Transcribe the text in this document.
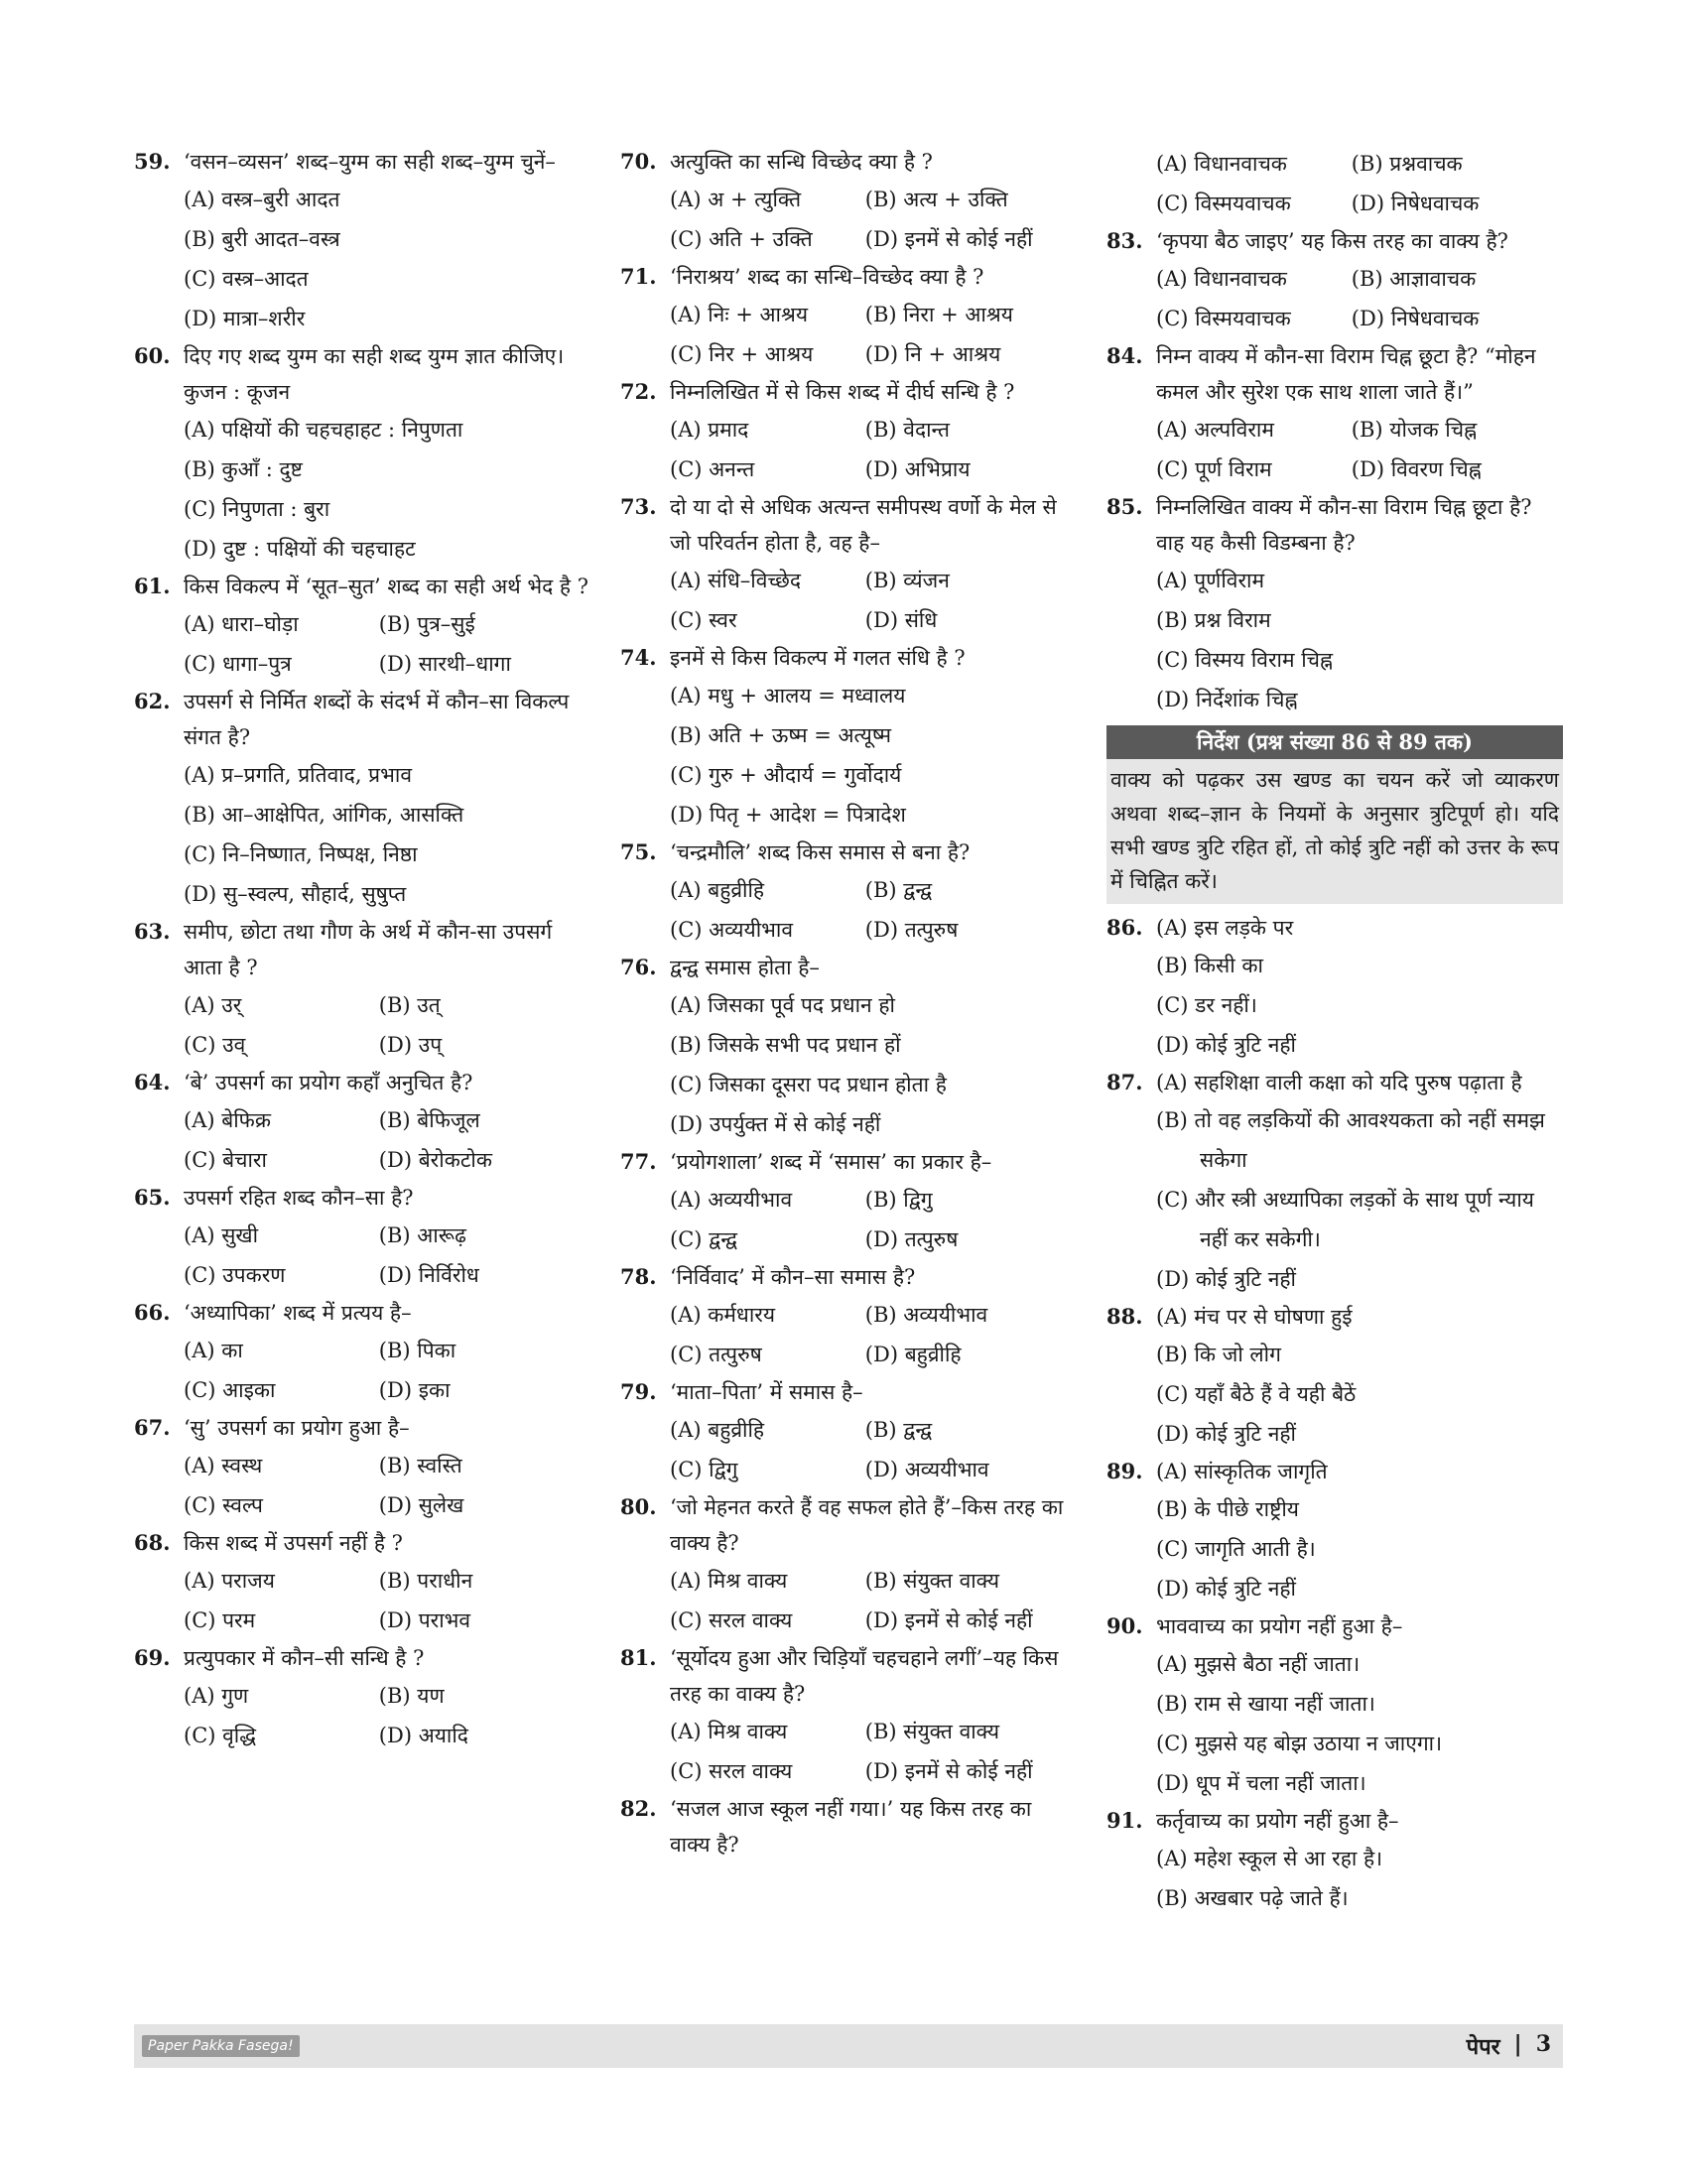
59. ‘वसन–व्यसन’ शब्द–युग्म का सही शब्द–युग्म चुनें–
(A) वस्त्र–बुरी आदत
(B) बुरी आदत–वस्त्र
(C) वस्त्र–आदत
(D) मात्रा–शरीर
60. दिए गए शब्द युग्म का सही शब्द युग्म ज्ञात कीजिए।
कुजन : कूजन
(A) पक्षियों की चहचहाहट : निपुणता
(B) कुआँ : दुष्ट
(C) निपुणता : बुरा
(D) दुष्ट : पक्षियों की चहचाहट
61. किस विकल्प में ‘सूत–सुत’ शब्द का सही अर्थ भेद है ?
(A) धारा–घोड़ा	(B) पुत्र–सुई
(C) धागा–पुत्र	(D) सारथी–धागा
62. उपसर्ग से निर्मित शब्दों के संदर्भ में कौन–सा विकल्प संगत है?
(A) प्र–प्रगति, प्रतिवाद, प्रभाव
(B) आ–आक्षेपित, आंगिक, आसक्ति
(C) नि–निष्णात, निष्पक्ष, निष्ठा
(D) सु–स्वल्प, सौहार्द, सुषुप्त
63. समीप, छोटा तथा गौण के अर्थ में कौन-सा उपसर्ग आता है ?
(A) उर्	(B) उत्
(C) उव्	(D) उप्
64. ‘बे’ उपसर्ग का प्रयोग कहाँ अनुचित है?
(A) बेफिक्र	(B) बेफिजूल
(C) बेचारा	(D) बेरोकटोक
65. उपसर्ग रहित शब्द कौन–सा है?
(A) सुखी	(B) आरूढ़
(C) उपकरण	(D) निर्विरोध
66. ‘अध्यापिका’ शब्द में प्रत्यय है–
(A) का	(B) पिका
(C) आइका	(D) इका
67. ‘सु’ उपसर्ग का प्रयोग हुआ है–
(A) स्वस्थ	(B) स्वस्ति
(C) स्वल्प	(D) सुलेख
68. किस शब्द में उपसर्ग नहीं है ?
(A) पराजय	(B) पराधीन
(C) परम	(D) पराभव
69. प्रत्युपकार में कौन–सी सन्धि है ?
(A) गुण	(B) यण
(C) वृद्धि	(D) अयादि
70. अत्युक्ति का सन्धि विच्छेद क्या है ?
(A) अ + त्युक्ति	(B) अत्य + उक्ति
(C) अति + उक्ति	(D) इनमें से कोई नहीं
71. ‘निराश्रय’ शब्द का सन्धि–विच्छेद क्या है ?
(A) निः + आश्रय	(B) निरा + आश्रय
(C) निर + आश्रय	(D) नि + आश्रय
72. निम्नलिखित में से किस शब्द में दीर्घ सन्धि है ?
(A) प्रमाद	(B) वेदान्त
(C) अनन्त	(D) अभिप्राय
73. दो या दो से अधिक अत्यन्त समीपस्थ वर्णो के मेल से जो परिवर्तन होता है, वह है–
(A) संधि–विच्छेद	(B) व्यंजन
(C) स्वर	(D) संधि
74. इनमें से किस विकल्प में गलत संधि है ?
(A) मधु + आलय = मध्वालय
(B) अति + ऊष्म = अत्यूष्म
(C) गुरु + औदार्य = गुर्वोदार्य
(D) पितृ + आदेश = पित्रादेश
75. ‘चन्द्रमौलि’ शब्द किस समास से बना है?
(A) बहुव्रीहि	(B) द्वन्द्व
(C) अव्ययीभाव	(D) तत्पुरुष
76. द्वन्द्व समास होता है–
(A) जिसका पूर्व पद प्रधान हो
(B) जिसके सभी पद प्रधान हों
(C) जिसका दूसरा पद प्रधान होता है
(D) उपर्युक्त में से कोई नहीं
77. ‘प्रयोगशाला’ शब्द में ‘समास’ का प्रकार है–
(A) अव्ययीभाव	(B) द्विगु
(C) द्वन्द्व	(D) तत्पुरुष
78. ‘निर्विवाद’ में कौन–सा समास है?
(A) कर्मधारय	(B) अव्ययीभाव
(C) तत्पुरुष	(D) बहुव्रीहि
79. ‘माता–पिता’ में समास है–
(A) बहुव्रीहि	(B) द्वन्द्व
(C) द्विगु	(D) अव्ययीभाव
80. ‘जो मेहनत करते हैं वह सफल होते हैं’–किस तरह का वाक्य है?
(A) मिश्र वाक्य	(B) संयुक्त वाक्य
(C) सरल वाक्य	(D) इनमें से कोई नहीं
81. ‘सूर्योदय हुआ और चिड़ियाँ चहचहाने लगीं’–यह किस तरह का वाक्य है?
(A) मिश्र वाक्य	(B) संयुक्त वाक्य
(C) सरल वाक्य	(D) इनमें से कोई नहीं
82. ‘सजल आज स्कूल नहीं गया।’ यह किस तरह का वाक्य है?
(A) विधानवाचक	(B) प्रश्नवाचक
(C) विस्मयवाचक	(D) निषेधवाचक
83. ‘कृपया बैठ जाइए’ यह किस तरह का वाक्य है?
(A) विधानवाचक	(B) आज्ञावाचक
(C) विस्मयवाचक	(D) निषेधवाचक
84. निम्न वाक्य में कौन-सा विराम चिह्न छूटा है? “मोहन कमल और सुरेश एक साथ शाला जाते हैं।”
(A) अल्पविराम	(B) योजक चिह्न
(C) पूर्ण विराम	(D) विवरण चिह्न
85. निम्नलिखित वाक्य में कौन-सा विराम चिह्न छूटा है? वाह यह कैसी विडम्बना है?
(A) पूर्णविराम
(B) प्रश्न विराम
(C) विस्मय विराम चिह्न
(D) निर्देशांक चिह्न
निर्देश (प्रश्न संख्या 86 से 89 तक)
वाक्य को पढ़कर उस खण्ड का चयन करें जो व्याकरण अथवा शब्द–ज्ञान के नियमों के अनुसार त्रुटिपूर्ण हो। यदि सभी खण्ड त्रुटि रहित हों, तो कोई त्रुटि नहीं को उत्तर के रूप में चिह्नित करें।
86. (A) इस लड़के पर
(B) किसी का
(C) डर नहीं।
(D) कोई त्रुटि नहीं
87. (A) सहशिक्षा वाली कक्षा को यदि पुरुष पढ़ाता है
(B) तो वह लड़कियों की आवश्यकता को नहीं समझ सकेगा
(C) और स्त्री अध्यापिका लड़कों के साथ पूर्ण न्याय नहीं कर सकेगी।
(D) कोई त्रुटि नहीं
88. (A) मंच पर से घोषणा हुई
(B) कि जो लोग
(C) यहाँ बैठे हैं वे यही बैठें
(D) कोई त्रुटि नहीं
89. (A) सांस्कृतिक जागृति
(B) के पीछे राष्ट्रीय
(C) जागृति आती है।
(D) कोई त्रुटि नहीं
90. भाववाच्य का प्रयोग नहीं हुआ है–
(A) मुझसे बैठा नहीं जाता।
(B) राम से खाया नहीं जाता।
(C) मुझसे यह बोझ उठाया न जाएगा।
(D) धूप में चला नहीं जाता।
91. कर्तृवाच्य का प्रयोग नहीं हुआ है–
(A) महेश स्कूल से आ रहा है।
(B) अखबार पढ़े जाते हैं।
Paper Pakka Fasega!	पेपर | 3
